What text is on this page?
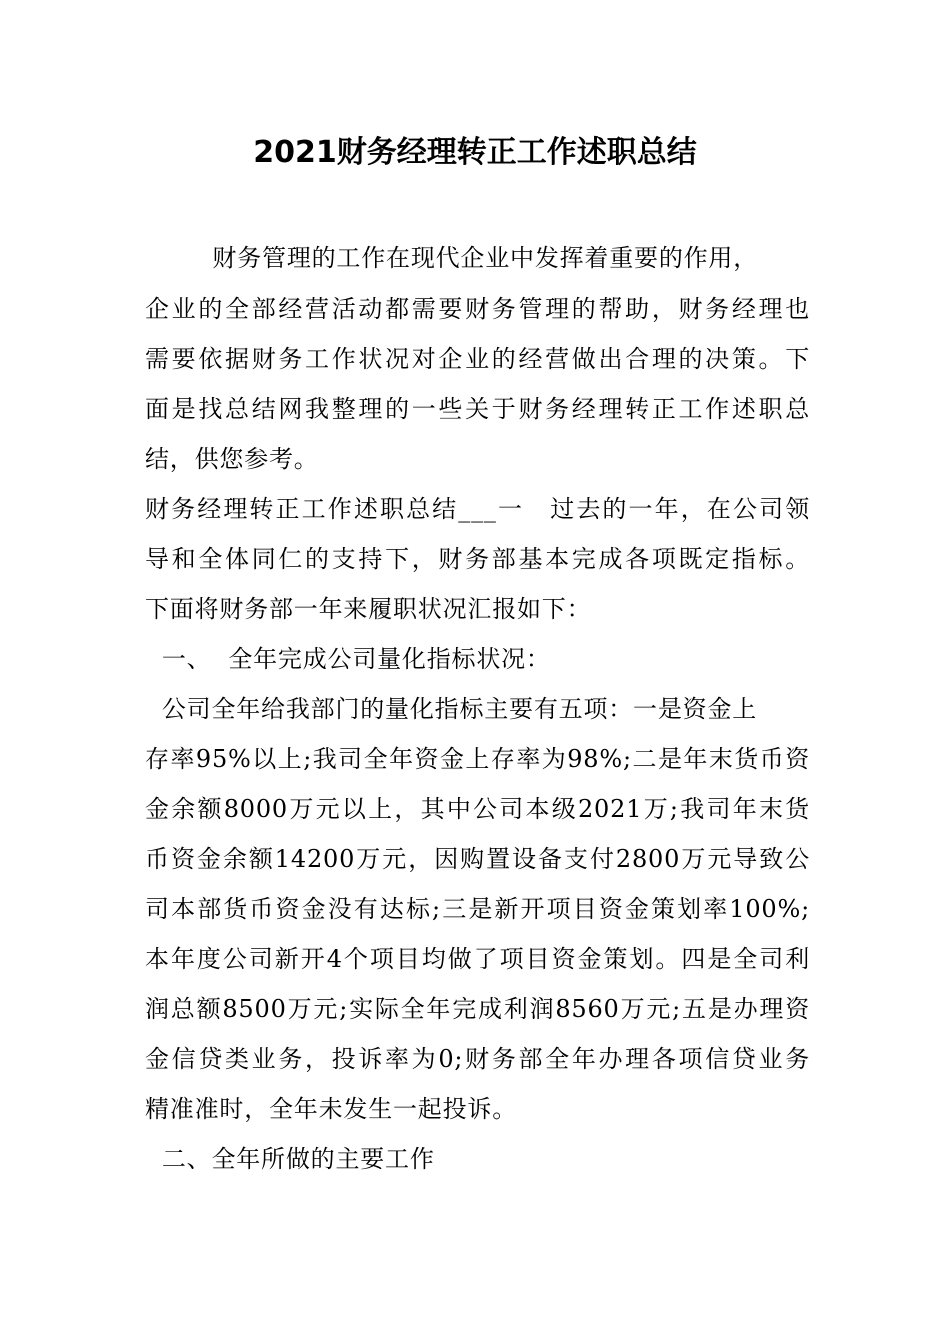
2021财务经理转正工作述职总结
财务管理的工作在现代企业中发挥着重要的作用，
企业的全部经营活动都需要财务管理的帮助，财务经理也
需要依据财务工作状况对企业的经营做出合理的决策。下
面是找总结网我整理的一些关于财务经理转正工作述职总
结，供您参考。
财务经理转正工作述职总结___一　过去的一年，在公司领
导和全体同仁的支持下，财务部基本完成各项既定指标。
下面将财务部一年来履职状况汇报如下：
一、  全年完成公司量化指标状况：
公司全年给我部门的量化指标主要有五项：一是资金上
存率95%以上;我司全年资金上存率为98%;二是年末货币资
金余额8000万元以上，其中公司本级2021万;我司年末货
币资金余额14200万元，因购置设备支付2800万元导致公
司本部货币资金没有达标;三是新开项目资金策划率100%;
本年度公司新开4个项目均做了项目资金策划。四是全司利
润总额8500万元;实际全年完成利润8560万元;五是办理资
金信贷类业务，投诉率为0;财务部全年办理各项信贷业务
精准准时，全年未发生一起投诉。
二、全年所做的主要工作
